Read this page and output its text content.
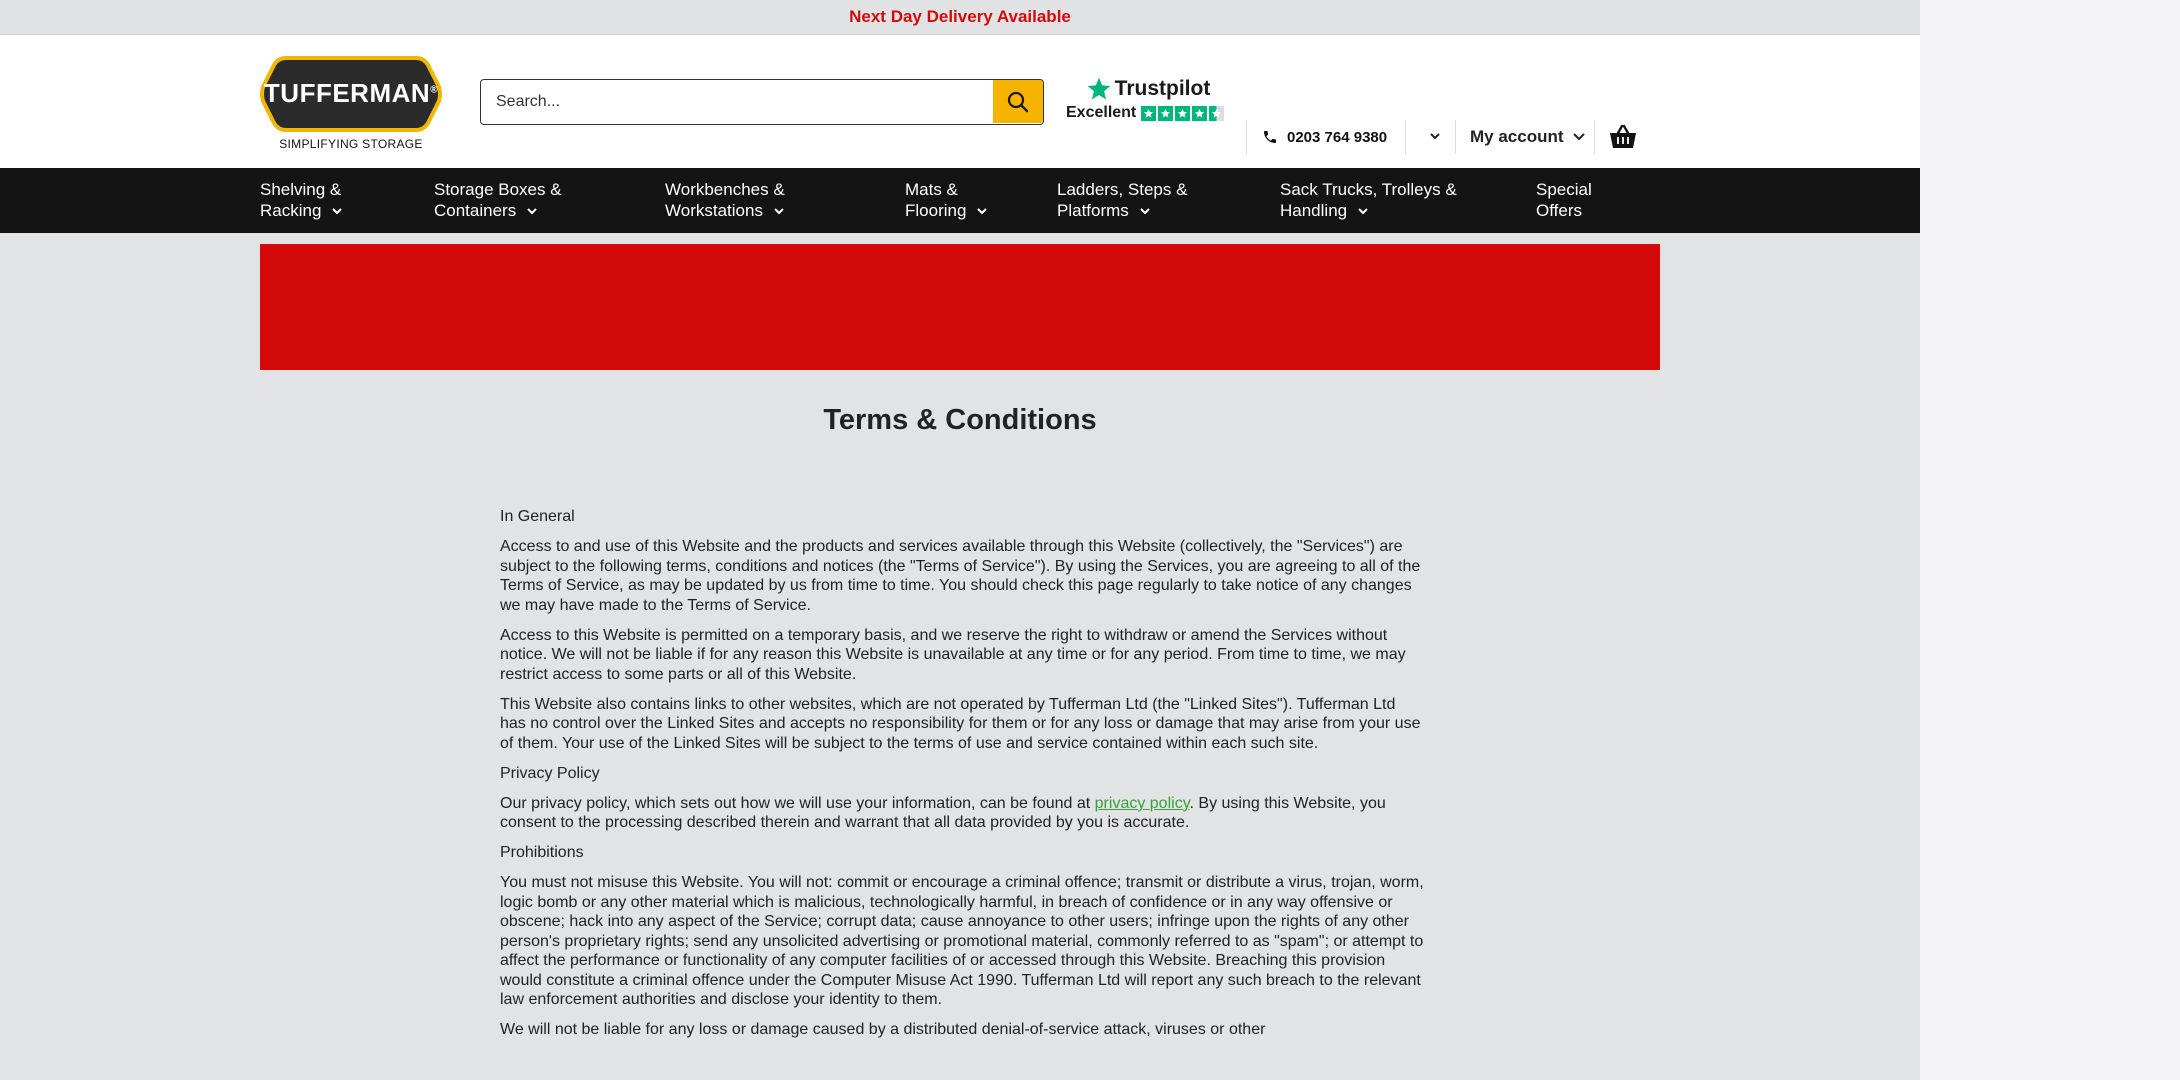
Next Day Delivery Available
TUFFERMAN®
SIMPLIFYING STORAGE
Search...
Trustpilot
Excellent
0203 764 9380	My account
Shelving &
Racking
Storage Boxes &
Containers
Workbenches &
Workstations
Mats &
Flooring
Ladders, Steps &
Platforms
Sack Trucks, Trolleys &
Handling
Special
Offers
Terms & Conditions

In General

Access to and use of this Website and the products and services available through this Website (collectively, the "Services") are subject to the following terms, conditions and notices (the "Terms of Service"). By using the Services, you are agreeing to all of the Terms of Service, as may be updated by us from time to time. You should check this page regularly to take notice of any changes we may have made to the Terms of Service.

Access to this Website is permitted on a temporary basis, and we reserve the right to withdraw or amend the Services without notice. We will not be liable if for any reason this Website is unavailable at any time or for any period. From time to time, we may restrict access to some parts or all of this Website.

This Website also contains links to other websites, which are not operated by Tufferman Ltd (the "Linked Sites"). Tufferman Ltd has no control over the Linked Sites and accepts no responsibility for them or for any loss or damage that may arise from your use of them. Your use of the Linked Sites will be subject to the terms of use and service contained within each such site.

Privacy Policy

Our privacy policy, which sets out how we will use your information, can be found at privacy policy. By using this Website, you consent to the processing described therein and warrant that all data provided by you is accurate.

Prohibitions

You must not misuse this Website. You will not: commit or encourage a criminal offence; transmit or distribute a virus, trojan, worm, logic bomb or any other material which is malicious, technologically harmful, in breach of confidence or in any way offensive or obscene; hack into any aspect of the Service; corrupt data; cause annoyance to other users; infringe upon the rights of any other person's proprietary rights; send any unsolicited advertising or promotional material, commonly referred to as "spam"; or attempt to affect the performance or functionality of any computer facilities of or accessed through this Website. Breaching this provision would constitute a criminal offence under the Computer Misuse Act 1990. Tufferman Ltd will report any such breach to the relevant law enforcement authorities and disclose your identity to them.

We will not be liable for any loss or damage caused by a distributed denial-of-service attack, viruses or other
